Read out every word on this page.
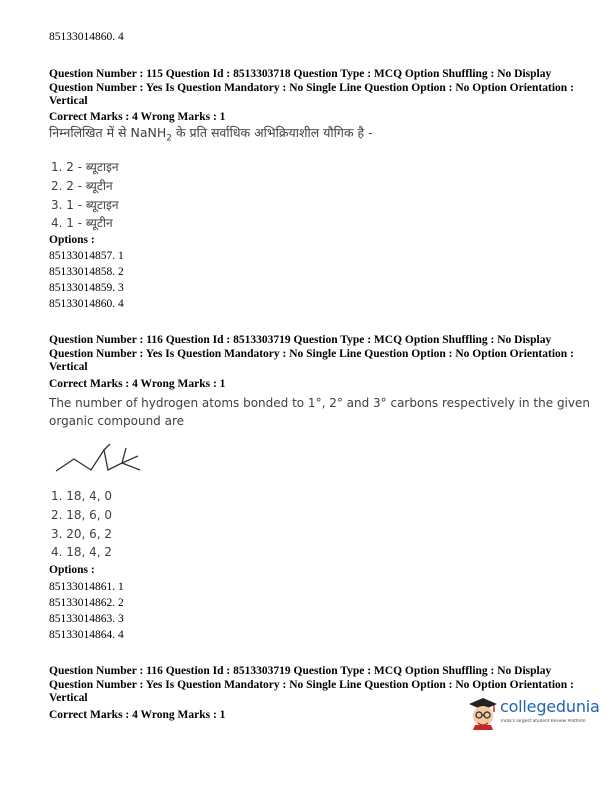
85133014860. 4
Question Number : 115 Question Id : 8513303718 Question Type : MCQ Option Shuffling : No Display Question Number : Yes Is Question Mandatory : No Single Line Question Option : No Option Orientation : Vertical
Correct Marks : 4 Wrong Marks : 1
निम्नलिखित में से NaNH$_2$ के प्रति सर्वाधिक अभिक्रियाशील यौगिक है -
1. 2 - ब्यूटाइन
2. 2 - ब्यूटीन
3. 1 - ब्यूटाइन
4. 1 - ब्यूटीन
Options :
85133014857. 1
85133014858. 2
85133014859. 3
85133014860. 4
Question Number : 116 Question Id : 8513303719 Question Type : MCQ Option Shuffling : No Display Question Number : Yes Is Question Mandatory : No Single Line Question Option : No Option Orientation : Vertical
Correct Marks : 4 Wrong Marks : 1
The number of hydrogen atoms bonded to 1°, 2° and 3° carbons respectively in the given
organic compound are
1. 18, 4, 0
2. 18, 6, 0
3. 20, 6, 2
4. 18, 4, 2
Options :
85133014861. 1
85133014862. 2
85133014863. 3
85133014864. 4
Question Number : 116 Question Id : 8513303719 Question Type : MCQ Option Shuffling : No Display Question Number : Yes Is Question Mandatory : No Single Line Question Option : No Option Orientation : Vertical
Correct Marks : 4 Wrong Marks : 1	collegedunia
India's largest Student Review Platform
